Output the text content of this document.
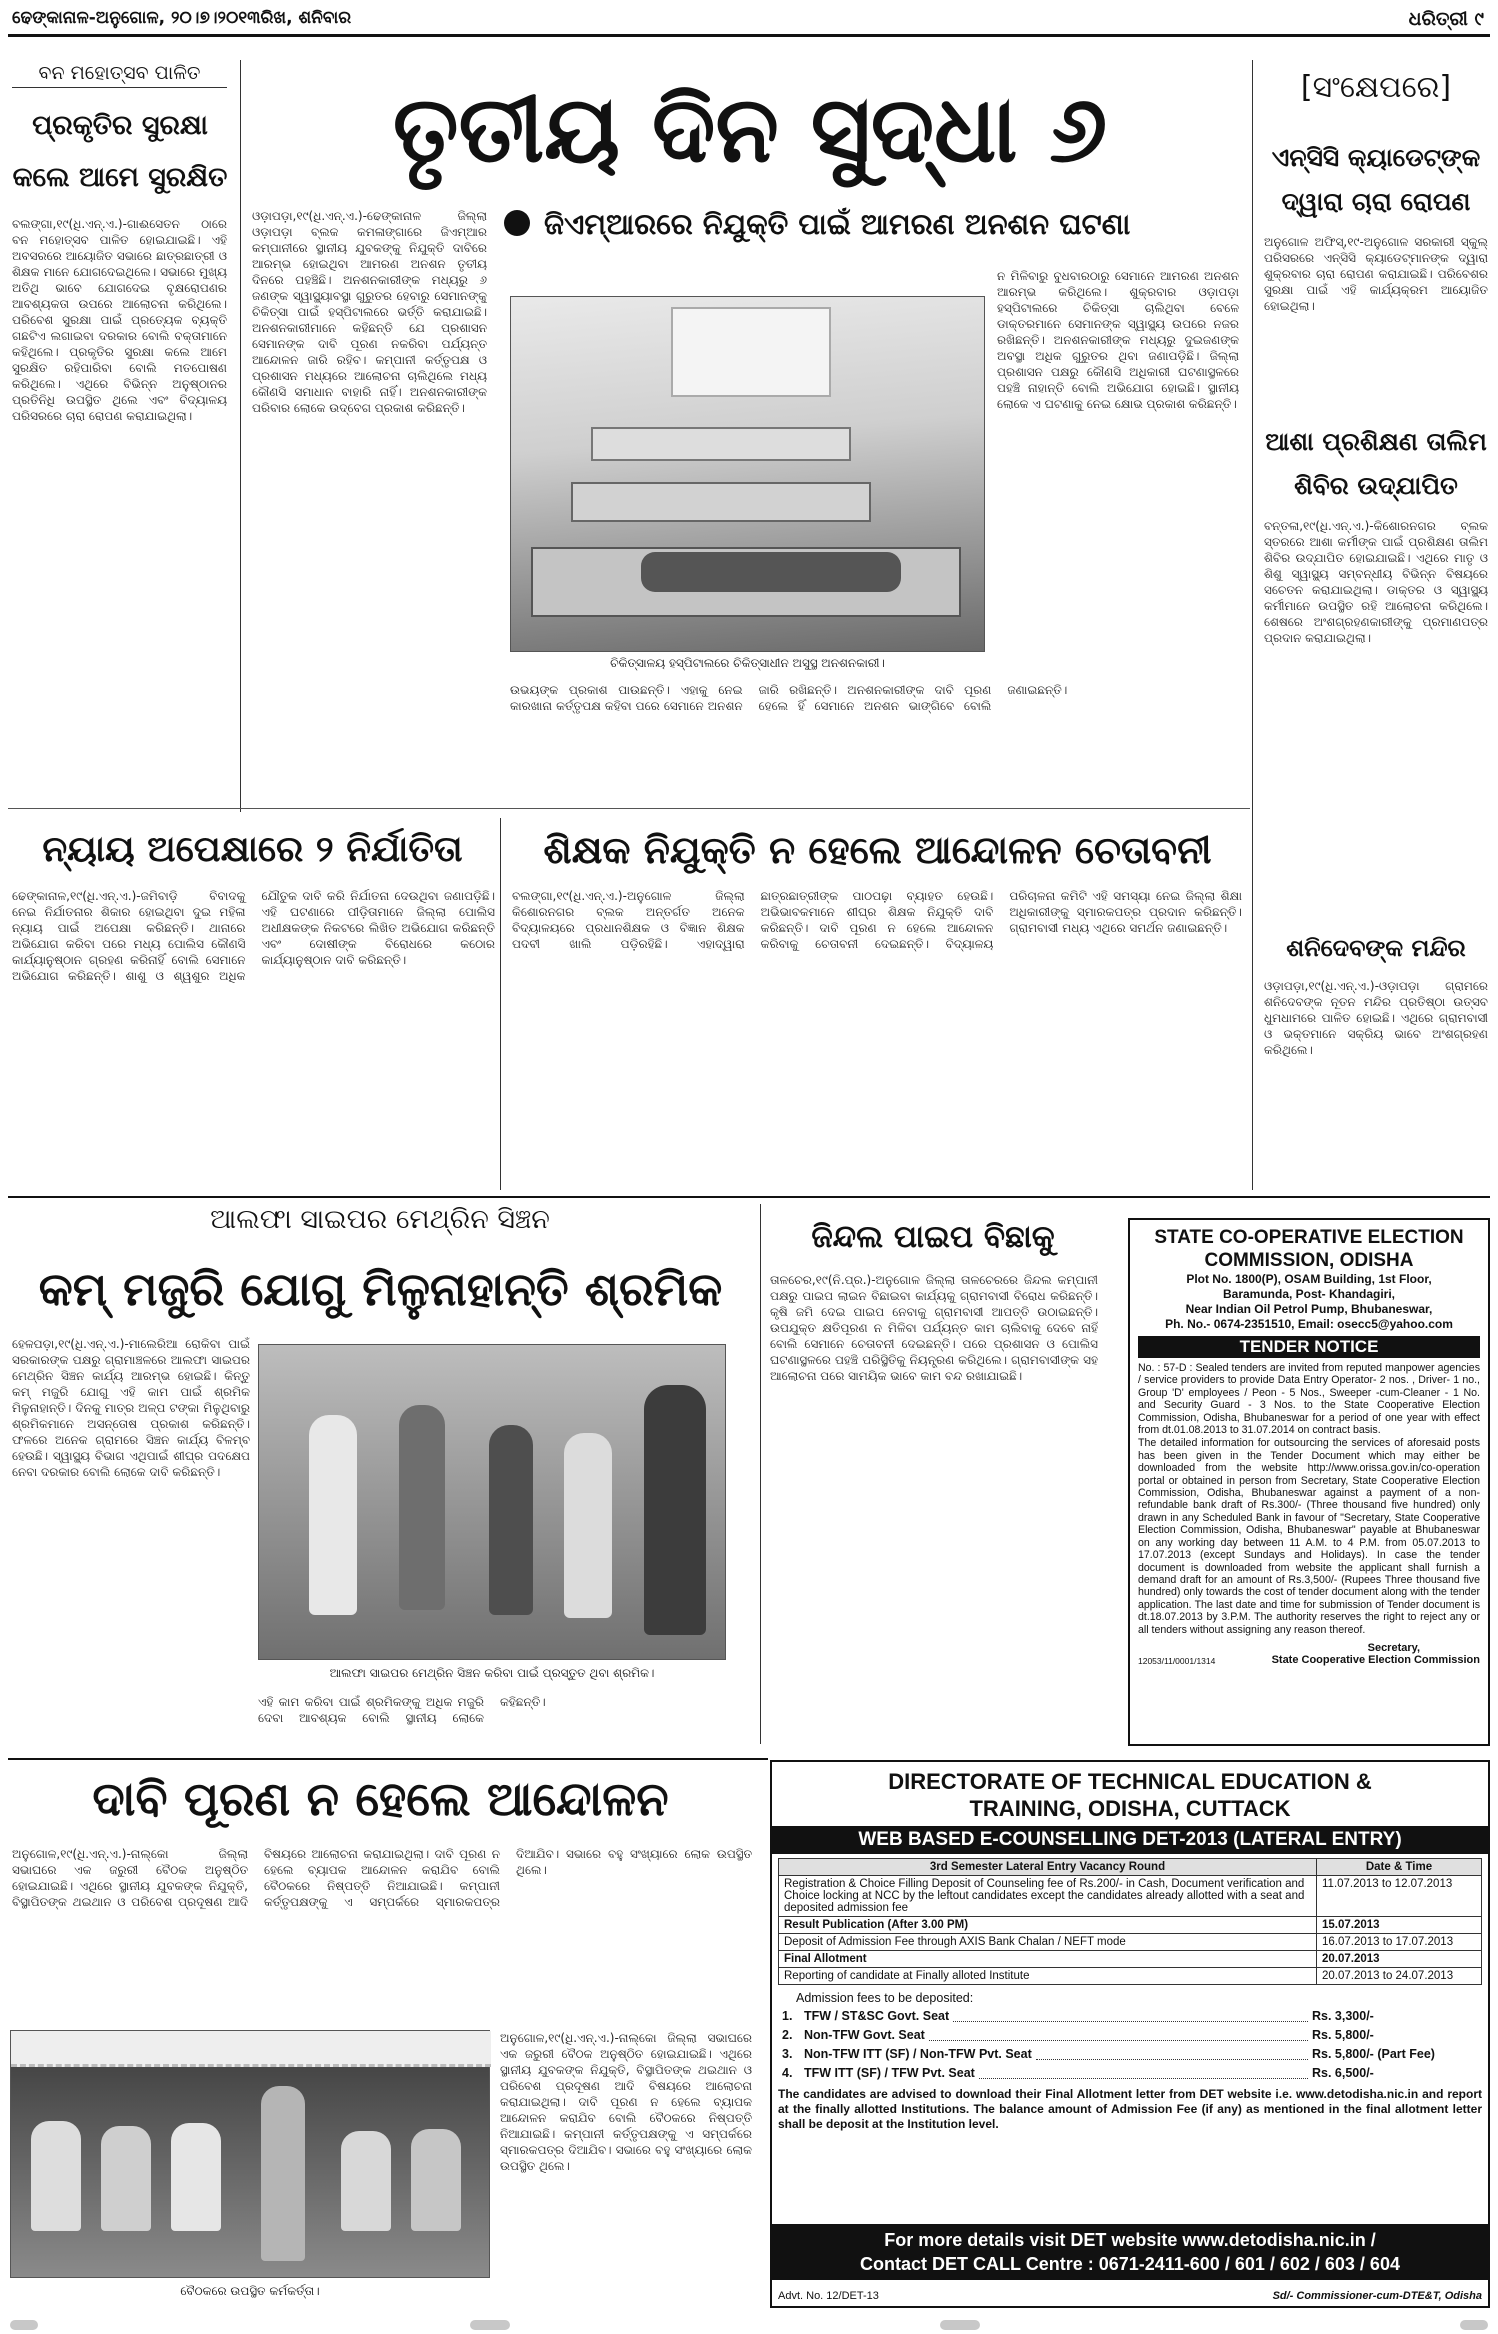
ଢେଙ୍କାନାଳ-ଅନୁଗୋଳ, ୨୦।୭।୨୦୧୩ରିଖ, ଶନିବାର	ଧରିତ୍ରୀ ୯
ବନ ମହୋତ୍ସବ ପାଳିତ
ପ୍ରକୃତିର ସୁରକ୍ଷା କଲେ ଆମେ ସୁରକ୍ଷିତ
ବଲଙ୍ଗା,୧୯(ଧି.ଏନ୍.ଏ.)-ଗାଈସେତନ ଠାରେ ବନ ମହୋତ୍ସବ ପାଳିତ ହୋଇଯାଇଛି। ଏହି ଅବସରରେ ଆୟୋଜିତ ସଭାରେ ଛାତ୍ରଛାତ୍ରୀ ଓ ଶିକ୍ଷକ ମାନେ ଯୋଗଦେଇଥିଲେ। ସଭାରେ ମୁଖ୍ୟ ଅତିଥି ଭାବେ ଯୋଗଦେଇ ବୃକ୍ଷରୋପଣର ଆବଶ୍ୟକତା ଉପରେ ଆଲୋଚନା କରିଥିଲେ। ପରିବେଶ ସୁରକ୍ଷା ପାଇଁ ପ୍ରତ୍ୟେକ ବ୍ୟକ୍ତି ଗଛଟିଏ ଲଗାଇବା ଦରକାର ବୋଲି ବକ୍ତାମାନେ କହିଥିଲେ। ପ୍ରକୃତିର ସୁରକ୍ଷା କଲେ ଆମେ ସୁରକ୍ଷିତ ରହିପାରିବା ବୋଲି ମତପୋଷଣ କରିଥିଲେ। ଏଥିରେ ବିଭିନ୍ନ ଅନୁଷ୍ଠାନର ପ୍ରତିନିଧି ଉପସ୍ଥିତ ଥିଲେ ଏବଂ ବିଦ୍ୟାଳୟ ପରିସରରେ ଚାରା ରୋପଣ କରାଯାଇଥିଲା।
ତୃତୀୟ ଦିନ ସୁଦ୍ଧା ୬
ଜିଏମ୍ଆରରେ ନିଯୁକ୍ତି ପାଇଁ ଆମରଣ ଅନଶନ ଘଟଣା
ଓଡ଼ାପଡ଼ା,୧୯(ଧି.ଏନ୍.ଏ.)-ଢେଙ୍କାନାଳ ଜିଲ୍ଲା ଓଡ଼ାପଡ଼ା ବ୍ଲକ କମଳାଙ୍ଗାରେ ଜିଏମ୍ଆର କମ୍ପାନୀରେ ସ୍ଥାନୀୟ ଯୁବକଙ୍କୁ ନିଯୁକ୍ତି ଦାବିରେ ଆରମ୍ଭ ହୋଇଥିବା ଆମରଣ ଅନଶନ ତୃତୀୟ ଦିନରେ ପହଞ୍ଚିଛି। ଅନଶନକାରୀଙ୍କ ମଧ୍ୟରୁ ୬ ଜଣଙ୍କ ସ୍ୱାସ୍ଥ୍ୟାବସ୍ଥା ଗୁରୁତର ହେବାରୁ ସେମାନଙ୍କୁ ଚିକିତ୍ସା ପାଇଁ ହସ୍ପିଟାଲରେ ଭର୍ତ୍ତି କରାଯାଇଛି। ଅନଶନକାରୀମାନେ କହିଛନ୍ତି ଯେ ପ୍ରଶାସନ ସେମାନଙ୍କ ଦାବି ପୂରଣ ନକରିବା ପର୍ଯ୍ୟନ୍ତ ଆନ୍ଦୋଳନ ଜାରି ରହିବ। କମ୍ପାନୀ କର୍ତ୍ତୃପକ୍ଷ ଓ ପ୍ରଶାସନ ମଧ୍ୟରେ ଆଲୋଚନା ଚାଲିଥିଲେ ମଧ୍ୟ କୌଣସି ସମାଧାନ ବାହାରି ନାହିଁ। ଅନଶନକାରୀଙ୍କ ପରିବାର ଲୋକେ ଉଦ୍‌ବେଗ ପ୍ରକାଶ କରିଛନ୍ତି।
ଚିକିତ୍ସାଳୟ ହସ୍ପିଟାଲରେ ଚିକିତ୍ସାଧୀନ ଅସୁସ୍ଥ ଅନଶନକାରୀ।
ନ ମିଳିବାରୁ ବୁଧବାରଠାରୁ ସେମାନେ ଆମରଣ ଅନଶନ ଆରମ୍ଭ କରିଥିଲେ। ଶୁକ୍ରବାର ଓଡ଼ାପଡ଼ା ହସ୍ପିଟାଲରେ ଚିକିତ୍ସା ଚାଲିଥିବା ବେଳେ ଡାକ୍ତରମାନେ ସେମାନଙ୍କ ସ୍ୱାସ୍ଥ୍ୟ ଉପରେ ନଜର ରଖିଛନ୍ତି। ଅନଶନକାରୀଙ୍କ ମଧ୍ୟରୁ ଦୁଇଜଣଙ୍କ ଅବସ୍ଥା ଅଧିକ ଗୁରୁତର ଥିବା ଜଣାପଡ଼ିଛି। ଜିଲ୍ଲା ପ୍ରଶାସନ ପକ୍ଷରୁ କୌଣସି ଅଧିକାରୀ ଘଟଣାସ୍ଥଳରେ ପହଞ୍ଚି ନାହାନ୍ତି ବୋଲି ଅଭିଯୋଗ ହୋଇଛି। ସ୍ଥାନୀୟ ଲୋକେ ଏ ଘଟଣାକୁ ନେଇ କ୍ଷୋଭ ପ୍ରକାଶ କରିଛନ୍ତି।
ଉଭୟଙ୍କ ପ୍ରକାଶ ପାଉଛନ୍ତି। ଏହାକୁ ନେଇ କାରଖାନା କର୍ତ୍ତୃପକ୍ଷ କହିବା ପରେ ସେମାନେ ଅନଶନ ଜାରି ରଖିଛନ୍ତି। ଅନଶନକାରୀଙ୍କ ଦାବି ପୂରଣ ହେଲେ ହିଁ ସେମାନେ ଅନଶନ ଭାଙ୍ଗିବେ ବୋଲି ଜଣାଇଛନ୍ତି।
[ସଂକ୍ଷେପରେ]
ଏନ୍‌ସିସି କ୍ୟାଡେଟ୍‌ଙ୍କ ଦ୍ୱାରା ଚାରା ରୋପଣ
ଅନୁଗୋଳ ଅଫିସ୍,୧୯-ଅନୁଗୋଳ ସରକାରୀ ସ୍କୁଲ୍ ପରିସରରେ ଏନ୍‌ସିସି କ୍ୟାଡେଟ୍‌ମାନଙ୍କ ଦ୍ୱାରା ଶୁକ୍ରବାର ଚାରା ରୋପଣ କରାଯାଇଛି। ପରିବେଶର ସୁରକ୍ଷା ପାଇଁ ଏହି କାର୍ଯ୍ୟକ୍ରମ ଆୟୋଜିତ ହୋଇଥିଲା।
ଆଶା ପ୍ରଶିକ୍ଷଣ ତାଲିମ ଶିବିର ଉଦ୍‌ଯାପିତ
ବନ୍ତଳା,୧୯(ଧି.ଏନ୍.ଏ.)-କିଶୋରନଗର ବ୍ଲକ ସ୍ତରରେ ଆଶା କର୍ମୀଙ୍କ ପାଇଁ ପ୍ରଶିକ୍ଷଣ ତାଲିମ ଶିବିର ଉଦ୍‌ଯାପିତ ହୋଇଯାଇଛି। ଏଥିରେ ମାତୃ ଓ ଶିଶୁ ସ୍ୱାସ୍ଥ୍ୟ ସମ୍ବନ୍ଧୀୟ ବିଭିନ୍ନ ବିଷୟରେ ସଚେତନ କରାଯାଇଥିଲା। ଡାକ୍ତର ଓ ସ୍ୱାସ୍ଥ୍ୟ କର୍ମୀମାନେ ଉପସ୍ଥିତ ରହି ଆଲୋଚନା କରିଥିଲେ। ଶେଷରେ ଅଂଶଗ୍ରହଣକାରୀଙ୍କୁ ପ୍ରମାଣପତ୍ର ପ୍ରଦାନ କରାଯାଇଥିଲା।
ଶନିଦେବଙ୍କ ମନ୍ଦିର
ଓଡ଼ାପଡ଼ା,୧୯(ଧି.ଏନ୍.ଏ.)-ଓଡ଼ାପଡ଼ା ଗ୍ରାମରେ ଶନିଦେବଙ୍କ ନୂତନ ମନ୍ଦିର ପ୍ରତିଷ୍ଠା ଉତ୍ସବ ଧୁମଧାମରେ ପାଳିତ ହୋଇଛି। ଏଥିରେ ଗ୍ରାମବାସୀ ଓ ଭକ୍ତମାନେ ସକ୍ରିୟ ଭାବେ ଅଂଶଗ୍ରହଣ କରିଥିଲେ।
ନ୍ୟାୟ ଅପେକ୍ଷାରେ ୨ ନିର୍ଯାତିତା
ଢେଙ୍କାନାଳ,୧୯(ଧି.ଏନ୍.ଏ.)-ଜମିବାଡ଼ି ବିବାଦକୁ ନେଇ ନିର୍ଯାତନାର ଶିକାର ହୋଇଥିବା ଦୁଇ ମହିଳା ନ୍ୟାୟ ପାଇଁ ଅପେକ୍ଷା କରିଛନ୍ତି। ଥାନାରେ ଅଭିଯୋଗ କରିବା ପରେ ମଧ୍ୟ ପୋଲିସ କୌଣସି କାର୍ଯ୍ୟାନୁଷ୍ଠାନ ଗ୍ରହଣ କରିନାହିଁ ବୋଲି ସେମାନେ ଅଭିଯୋଗ କରିଛନ୍ତି। ଶାଶୁ ଓ ଶ୍ୱଶୁର ଅଧିକ ଯୌତୁକ ଦାବି କରି ନିର୍ଯାତନା ଦେଉଥିବା ଜଣାପଡ଼ିଛି। ଏହି ଘଟଣାରେ ପୀଡ଼ିତାମାନେ ଜିଲ୍ଲା ପୋଲିସ ଅଧୀକ୍ଷକଙ୍କ ନିକଟରେ ଲିଖିତ ଅଭିଯୋଗ କରିଛନ୍ତି ଏବଂ ଦୋଷୀଙ୍କ ବିରୋଧରେ କଠୋର କାର୍ଯ୍ୟାନୁଷ୍ଠାନ ଦାବି କରିଛନ୍ତି।
ଶିକ୍ଷକ ନିଯୁକ୍ତି ନ ହେଲେ ଆନ୍ଦୋଳନ ଚେତାବନୀ
ବଲଙ୍ଗା,୧୯(ଧି.ଏନ୍.ଏ.)-ଅନୁଗୋଳ ଜିଲ୍ଲା କିଶୋରନଗର ବ୍ଲକ ଅନ୍ତର୍ଗତ ଅନେକ ବିଦ୍ୟାଳୟରେ ପ୍ରଧାନଶିକ୍ଷକ ଓ ବିଜ୍ଞାନ ଶିକ୍ଷକ ପଦବୀ ଖାଲି ପଡ଼ିରହିଛି। ଏହାଦ୍ୱାରା ଛାତ୍ରଛାତ୍ରୀଙ୍କ ପାଠପଢ଼ା ବ୍ୟାହତ ହେଉଛି। ଅଭିଭାବକମାନେ ଶୀଘ୍ର ଶିକ୍ଷକ ନିଯୁକ୍ତି ଦାବି କରିଛନ୍ତି। ଦାବି ପୂରଣ ନ ହେଲେ ଆନ୍ଦୋଳନ କରିବାକୁ ଚେତାବନୀ ଦେଇଛନ୍ତି। ବିଦ୍ୟାଳୟ ପରିଚାଳନା କମିଟି ଏହି ସମସ୍ୟା ନେଇ ଜିଲ୍ଲା ଶିକ୍ଷା ଅଧିକାରୀଙ୍କୁ ସ୍ମାରକପତ୍ର ପ୍ରଦାନ କରିଛନ୍ତି। ଗ୍ରାମବାସୀ ମଧ୍ୟ ଏଥିରେ ସମର୍ଥନ ଜଣାଇଛନ୍ତି।
ଆଲଫା ସାଇପର ମେଥ୍ରିନ ସିଞ୍ଚନ
କମ୍ ମଜୁରି ଯୋଗୁ ମିଳୁନାହାନ୍ତି ଶ୍ରମିକ
ହେଳପଡ଼ା,୧୯(ଧି.ଏନ୍.ଏ.)-ମାଲେରିଆ ରୋକିବା ପାଇଁ ସରକାରଙ୍କ ପକ୍ଷରୁ ଗ୍ରାମାଞ୍ଚଳରେ ଆଲଫା ସାଇପର ମେଥ୍ରିନ ସିଞ୍ଚନ କାର୍ଯ୍ୟ ଆରମ୍ଭ ହୋଇଛି। କିନ୍ତୁ କମ୍ ମଜୁରି ଯୋଗୁ ଏହି କାମ ପାଇଁ ଶ୍ରମିକ ମିଳୁନାହାନ୍ତି। ଦିନକୁ ମାତ୍ର ଅଳ୍ପ ଟଙ୍କା ମିଳୁଥିବାରୁ ଶ୍ରମିକମାନେ ଅସନ୍ତୋଷ ପ୍ରକାଶ କରିଛନ୍ତି। ଫଳରେ ଅନେକ ଗ୍ରାମରେ ସିଞ୍ଚନ କାର୍ଯ୍ୟ ବିଳମ୍ବ ହେଉଛି। ସ୍ୱାସ୍ଥ୍ୟ ବିଭାଗ ଏଥିପାଇଁ ଶୀଘ୍ର ପଦକ୍ଷେପ ନେବା ଦରକାର ବୋଲି ଲୋକେ ଦାବି କରିଛନ୍ତି।
ଆଲଫା ସାଇପର ମେଥ୍ରିନ ସିଞ୍ଚନ କରିବା ପାଇଁ ପ୍ରସ୍ତୁତ ଥିବା ଶ୍ରମିକ।
ଏହି କାମ କରିବା ପାଇଁ ଶ୍ରମିକଙ୍କୁ ଅଧିକ ମଜୁରି ଦେବା ଆବଶ୍ୟକ ବୋଲି ସ୍ଥାନୀୟ ଲୋକେ କହିଛନ୍ତି।
ଜିନ୍ଦଲ ପାଇପ ବିଛାକୁ
ତାଳଚେର,୧୯(ନି.ପ୍ର.)-ଅନୁଗୋଳ ଜିଲ୍ଲା ତାଳଚେରରେ ଜିନ୍ଦଲ କମ୍ପାନୀ ପକ୍ଷରୁ ପାଇପ ଲାଇନ ବିଛାଇବା କାର୍ଯ୍ୟକୁ ଗ୍ରାମବାସୀ ବିରୋଧ କରିଛନ୍ତି। କୃଷି ଜମି ଦେଇ ପାଇପ ନେବାକୁ ଗ୍ରାମବାସୀ ଆପତ୍ତି ଉଠାଇଛନ୍ତି। ଉପଯୁକ୍ତ କ୍ଷତିପୂରଣ ନ ମିଳିବା ପର୍ଯ୍ୟନ୍ତ କାମ ଚାଲିବାକୁ ଦେବେ ନାହିଁ ବୋଲି ସେମାନେ ଚେତାବନୀ ଦେଇଛନ୍ତି। ପରେ ପ୍ରଶାସନ ଓ ପୋଲିସ ଘଟଣାସ୍ଥଳରେ ପହଞ୍ଚି ପରିସ୍ଥିତିକୁ ନିୟନ୍ତ୍ରଣ କରିଥିଲେ। ଗ୍ରାମବାସୀଙ୍କ ସହ ଆଲୋଚନା ପରେ ସାମୟିକ ଭାବେ କାମ ବନ୍ଦ ରଖାଯାଇଛି।
STATE CO-OPERATIVE ELECTION
COMMISSION, ODISHA
Plot No. 1800(P), OSAM Building, 1st Floor,
Baramunda, Post- Khandagiri,
Near Indian Oil Petrol Pump, Bhubaneswar,
Ph. No.- 0674-2351510, Email: osecc5@yahoo.com
TENDER NOTICE
No. : 57-D : Sealed tenders are invited from reputed manpower agencies / service providers to provide Data Entry Operator- 2 nos. , Driver- 1 no., Group 'D' employees / Peon - 5 Nos., Sweeper -cum-Cleaner - 1 No. and Security Guard - 3 Nos. to the State Cooperative Election Commission, Odisha, Bhubaneswar for a period of one year with effect from dt.01.08.2013 to 31.07.2014 on contract basis.
The detailed information for outsourcing the services of aforesaid posts has been given in the Tender Document which may either be downloaded from the website http://www.orissa.gov.in/co-operation portal or obtained in person from Secretary, State Cooperative Election Commission, Odisha, Bhubaneswar against a payment of a non-refundable bank draft of Rs.300/- (Three thousand five hundred) only drawn in any Scheduled Bank in favour of "Secretary, State Cooperative Election Commission, Odisha, Bhubaneswar" payable at Bhubaneswar on any working day between 11 A.M. to 4 P.M. from 05.07.2013 to 17.07.2013 (except Sundays and Holidays). In case the tender document is downloaded from website the applicant shall furnish a demand draft for an amount of Rs.3,500/- (Rupees Three thousand five hundred) only towards the cost of tender document along with the tender application. The last date and time for submission of Tender document is dt.18.07.2013 by 3.P.M. The authority reserves the right to reject any or all tenders without assigning any reason thereof.
Secretary,
12053/11/0001/1314	State Cooperative Election Commission
ଦାବି ପୂରଣ ନ ହେଲେ ଆନ୍ଦୋଳନ
ଅନୁଗୋଳ,୧୯(ଧି.ଏନ୍.ଏ.)-ନାଲ୍କୋ ଜିଲ୍ଲା ସଭାଘରେ ଏକ ଜରୁରୀ ବୈଠକ ଅନୁଷ୍ଠିତ ହୋଇଯାଇଛି। ଏଥିରେ ସ୍ଥାନୀୟ ଯୁବକଙ୍କ ନିଯୁକ୍ତି, ବିସ୍ଥାପିତଙ୍କ ଥଇଥାନ ଓ ପରିବେଶ ପ୍ରଦୂଷଣ ଆଦି ବିଷୟରେ ଆଲୋଚନା କରାଯାଇଥିଲା। ଦାବି ପୂରଣ ନ ହେଲେ ବ୍ୟାପକ ଆନ୍ଦୋଳନ କରାଯିବ ବୋଲି ବୈଠକରେ ନିଷ୍ପତ୍ତି ନିଆଯାଇଛି। କମ୍ପାନୀ କର୍ତ୍ତୃପକ୍ଷଙ୍କୁ ଏ ସମ୍ପର୍କରେ ସ୍ମାରକପତ୍ର ଦିଆଯିବ। ସଭାରେ ବହୁ ସଂଖ୍ୟାରେ ଲୋକ ଉପସ୍ଥିତ ଥିଲେ।
ବୈଠକରେ ଉପସ୍ଥିତ କର୍ମକର୍ତ୍ତା।
ଅନୁଗୋଳ,୧୯(ଧି.ଏନ୍.ଏ.)-ନାଲ୍କୋ ଜିଲ୍ଲା ସଭାଘରେ ଏକ ଜରୁରୀ ବୈଠକ ଅନୁଷ୍ଠିତ ହୋଇଯାଇଛି। ଏଥିରେ ସ୍ଥାନୀୟ ଯୁବକଙ୍କ ନିଯୁକ୍ତି, ବିସ୍ଥାପିତଙ୍କ ଥଇଥାନ ଓ ପରିବେଶ ପ୍ରଦୂଷଣ ଆଦି ବିଷୟରେ ଆଲୋଚନା କରାଯାଇଥିଲା। ଦାବି ପୂରଣ ନ ହେଲେ ବ୍ୟାପକ ଆନ୍ଦୋଳନ କରାଯିବ ବୋଲି ବୈଠକରେ ନିଷ୍ପତ୍ତି ନିଆଯାଇଛି। କମ୍ପାନୀ କର୍ତ୍ତୃପକ୍ଷଙ୍କୁ ଏ ସମ୍ପର୍କରେ ସ୍ମାରକପତ୍ର ଦିଆଯିବ। ସଭାରେ ବହୁ ସଂଖ୍ୟାରେ ଲୋକ ଉପସ୍ଥିତ ଥିଲେ।
DIRECTORATE OF TECHNICAL EDUCATION &
TRAINING, ODISHA, CUTTACK
WEB BASED E-COUNSELLING DET-2013 (LATERAL ENTRY)
3rd Semester Lateral Entry Vacancy Round	Date & Time
Registration & Choice Filling Deposit of Counseling fee of Rs.200/- in Cash, Document verification and Choice locking at NCC by the leftout candidates except the candidates already allotted with a seat and deposited admission fee	11.07.2013 to 12.07.2013
Result Publication (After 3.00 PM)	15.07.2013
Deposit of Admission Fee through AXIS Bank Chalan / NEFT mode	16.07.2013 to 17.07.2013
Final Allotment	20.07.2013
Reporting of candidate at Finally alloted Institute	20.07.2013 to 24.07.2013
Admission fees to be deposited:
1. TFW / ST&SC Govt. Seat	Rs. 3,300/-
2. Non-TFW Govt. Seat	Rs. 5,800/-
3. Non-TFW ITT (SF) / Non-TFW Pvt. Seat	Rs. 5,800/- (Part Fee)
4. TFW ITT (SF) / TFW Pvt. Seat	Rs. 6,500/-
The candidates are advised to download their Final Allotment letter from DET website i.e. www.detodisha.nic.in and report at the finally allotted Institutions. The balance amount of Admission Fee (if any) as mentioned in the final allotment letter shall be deposit at the Institution level.
For more details visit DET website www.detodisha.nic.in /
Contact DET CALL Centre : 0671-2411-600 / 601 / 602 / 603 / 604
Advt. No. 12/DET-13	Sd/- Commissioner-cum-DTE&T, Odisha
